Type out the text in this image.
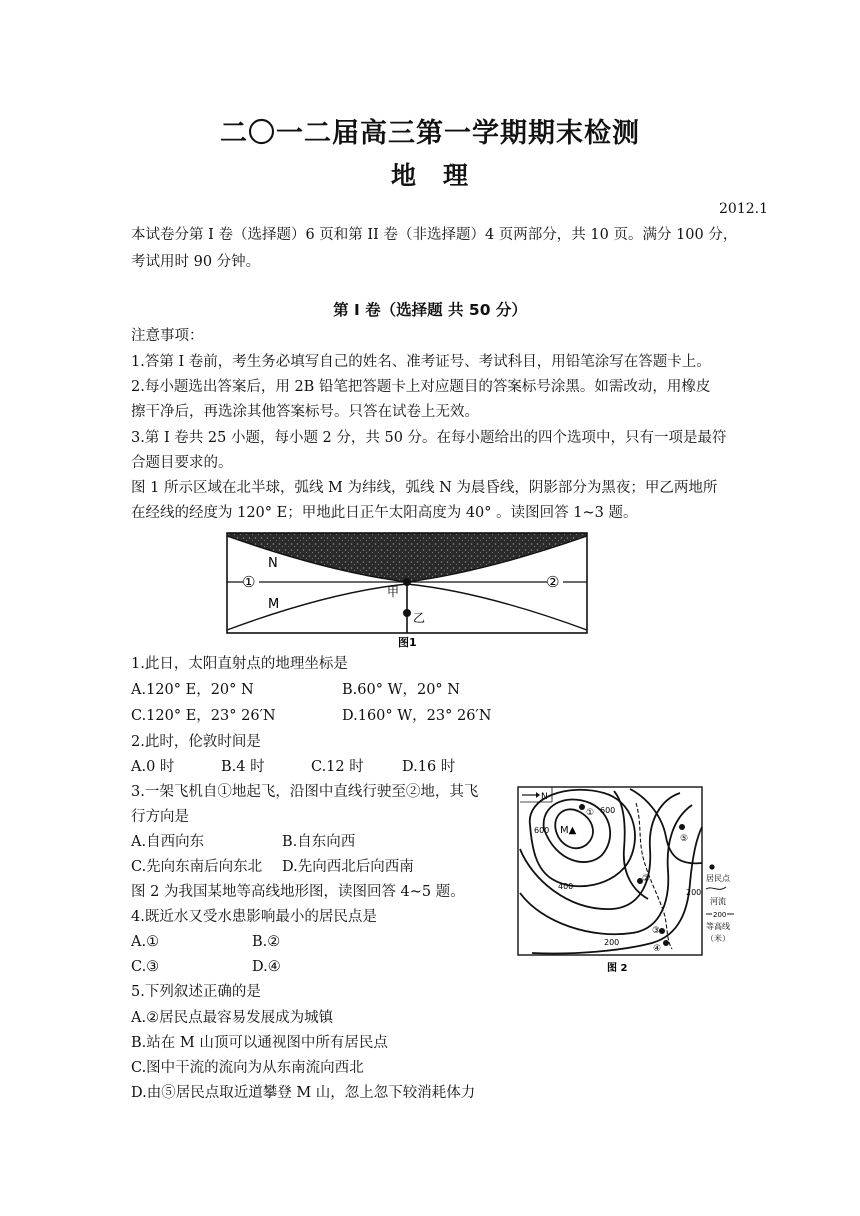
二〇一二届高三第一学期期末检测
地　理
2012.1
本试卷分第 I 卷（选择题）6 页和第 II 卷（非选择题）4 页两部分，共 10 页。满分 100 分，
考试用时 90 分钟。
第 I 卷（选择题 共 50 分）
注意事项：
1.答第 I 卷前，考生务必填写自己的姓名、准考证号、考试科目，用铅笔涂写在答题卡上。
2.每小题选出答案后，用 2B 铅笔把答题卡上对应题目的答案标号涂黑。如需改动，用橡皮
擦干净后，再选涂其他答案标号。只答在试卷上无效。
3.第 I 卷共 25 小题，每小题 2 分，共 50 分。在每小题给出的四个选项中，只有一项是最符
合题目要求的。
图 1 所示区域在北半球，弧线 M 为纬线，弧线 N 为晨昏线，阴影部分为黑夜；甲乙两地所
在经线的经度为 120° E；甲地此日正午太阳高度为 40° 。读图回答 1~3 题。
N
M
①	②
甲
乙
图1
1.此日，太阳直射点的地理坐标是
A.120° E，20° N	B.60° W，20° N
C.120° E，23° 26′N	D.160° W，23° 26′N
2.此时，伦敦时间是
A.0 时	B.4 时	C.12 时	D.16 时
3.一架飞机自①地起飞，沿图中直线行驶至②地，其飞
行方向是
A.自西向东	B.自东向西
C.先向东南后向东北 D.先向西北后向西南
图 2 为我国某地等高线地形图，读图回答 4~5 题。
4.既近水又受水患影响最小的居民点是
A.①	B.②
C.③	D.④
5.下列叙述正确的是
A.②居民点最容易发展成为城镇
B.站在 M 山顶可以通视图中所有居民点
C.图中干流的流向为从东南流向西北
D.由⑤居民点取近道攀登 M 山，忽上忽下较消耗体力
N
①
⑤
②
③
④
M▲
600
600
400
200
200
居民点
河流
200
等高线
（米）
图 2
